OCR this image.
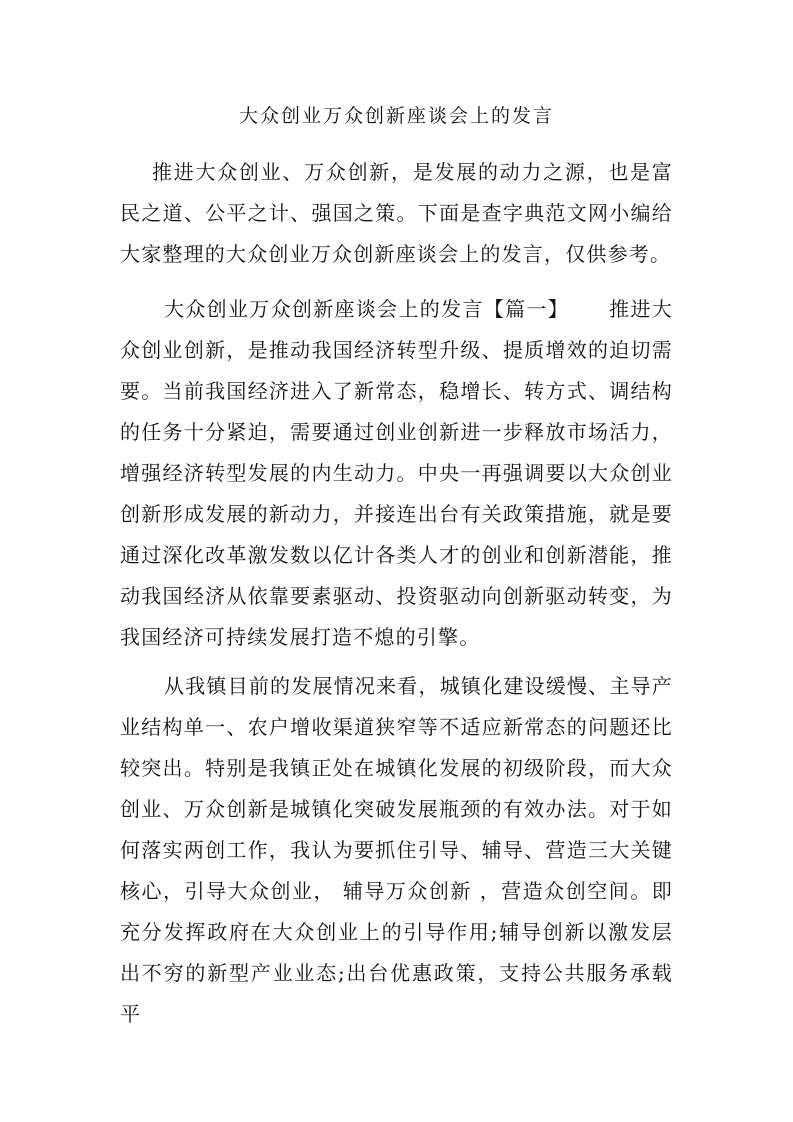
大众创业万众创新座谈会上的发言

推进大众创业、万众创新，是发展的动力之源，也是富民之道、公平之计、强国之策。下面是查字典范文网小编给大家整理的大众创业万众创新座谈会上的发言，仅供参考。

大众创业万众创新座谈会上的发言【篇一】 推进大众创业创新，是推动我国经济转型升级、提质增效的迫切需要。当前我国经济进入了新常态，稳增长、转方式、调结构的任务十分紧迫，需要通过创业创新进一步释放市场活力，增强经济转型发展的内生动力。中央一再强调要以大众创业创新形成发展的新动力，并接连出台有关政策措施，就是要通过深化改革激发数以亿计各类人才的创业和创新潜能，推动我国经济从依靠要素驱动、投资驱动向创新驱动转变，为我国经济可持续发展打造不熄的引擎。

从我镇目前的发展情况来看，城镇化建设缓慢、主导产业结构单一、农户增收渠道狭窄等不适应新常态的问题还比较突出。特别是我镇正处在城镇化发展的初级阶段，而大众创业、万众创新是城镇化突破发展瓶颈的有效办法。对于如何落实两创工作，我认为要抓住引导、辅导、营造三大关键核心，引导大众创业， 辅导万众创新 ，营造众创空间。即充分发挥政府在大众创业上的引导作用;辅导创新以激发层出不穷的新型产业业态;出台优惠政策，支持公共服务承载平
